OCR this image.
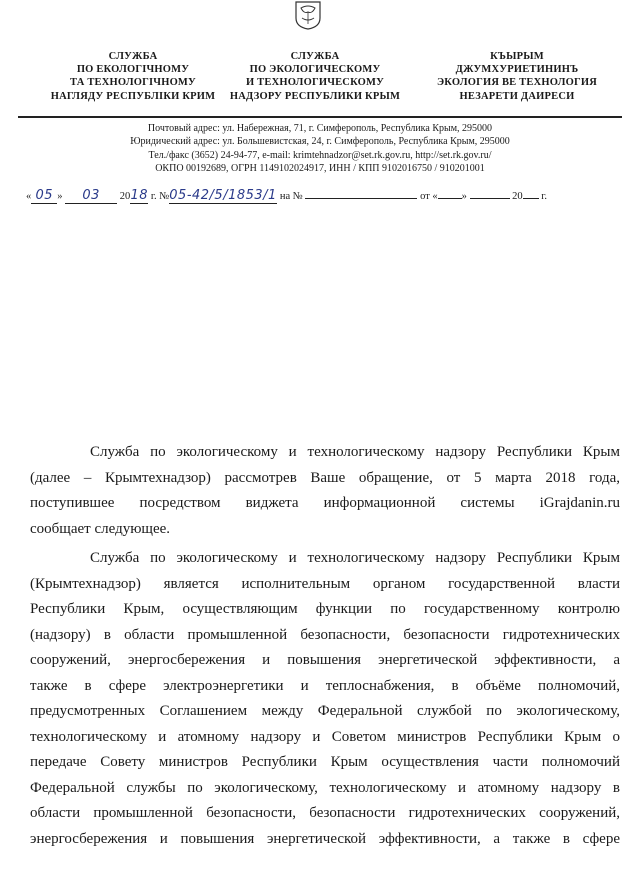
СЛУЖБА
ПО ЕКОЛОГІЧНОМУ
ТА ТЕХНОЛОГІЧНОМУ
НАГЛЯДУ РЕСПУБЛІКИ КРИМ
СЛУЖБА
ПО ЭКОЛОГИЧЕСКОМУ
И ТЕХНОЛОГИЧЕСКОМУ
НАДЗОРУ РЕСПУБЛИКИ КРЫМ
КЪЫРЫМ
ДЖУМХУРИЕТИНИНЪ
ЭКОЛОГИЯ ВЕ ТЕХНОЛОГИЯ
НЕЗАРЕТИ ДАИРЕСИ
Почтовый адрес: ул. Набережная, 71, г. Симферополь, Республика Крым, 295000
Юридический адрес: ул. Большевистская, 24, г. Симферополь, Республика Крым, 295000
Тел./факс (3652) 24-94-77, e-mail: krimtehnadzor@set.rk.gov.ru, http://set.rk.gov.ru/
ОКПО 00192689, ОГРН 1149102024917, ИНН / КПП 9102016750 / 910201001
« 05 » 03 2018 г. №05-42/5/1853/1 на №	от « »	20 г.
Служба по экологическому и технологическому надзору Республики Крым
(далее – Крымтехнадзор) рассмотрев Ваше обращение, от 5 марта 2018 года,
поступившее посредством виджета информационной системы iGrajdanin.ru
сообщает следующее.
Служба по экологическому и технологическому надзору Республики Крым
(Крымтехнадзор) является исполнительным органом государственной власти
Республики Крым, осуществляющим функции по государственному контролю
(надзору) в области промышленной безопасности, безопасности гидротехнических
сооружений, энергосбережения и повышения энергетической эффективности, а
также в сфере электроэнергетики и теплоснабжения, в объёме полномочий,
предусмотренных Соглашением между Федеральной службой по экологическому,
технологическому и атомному надзору и Советом министров Республики Крым о
передаче Совету министров Республики Крым осуществления части полномочий
Федеральной службы по экологическому, технологическому и атомному надзору в
области промышленной безопасности, безопасности гидротехнических сооружений,
энергосбережения и повышения энергетической эффективности, а также в сфере
